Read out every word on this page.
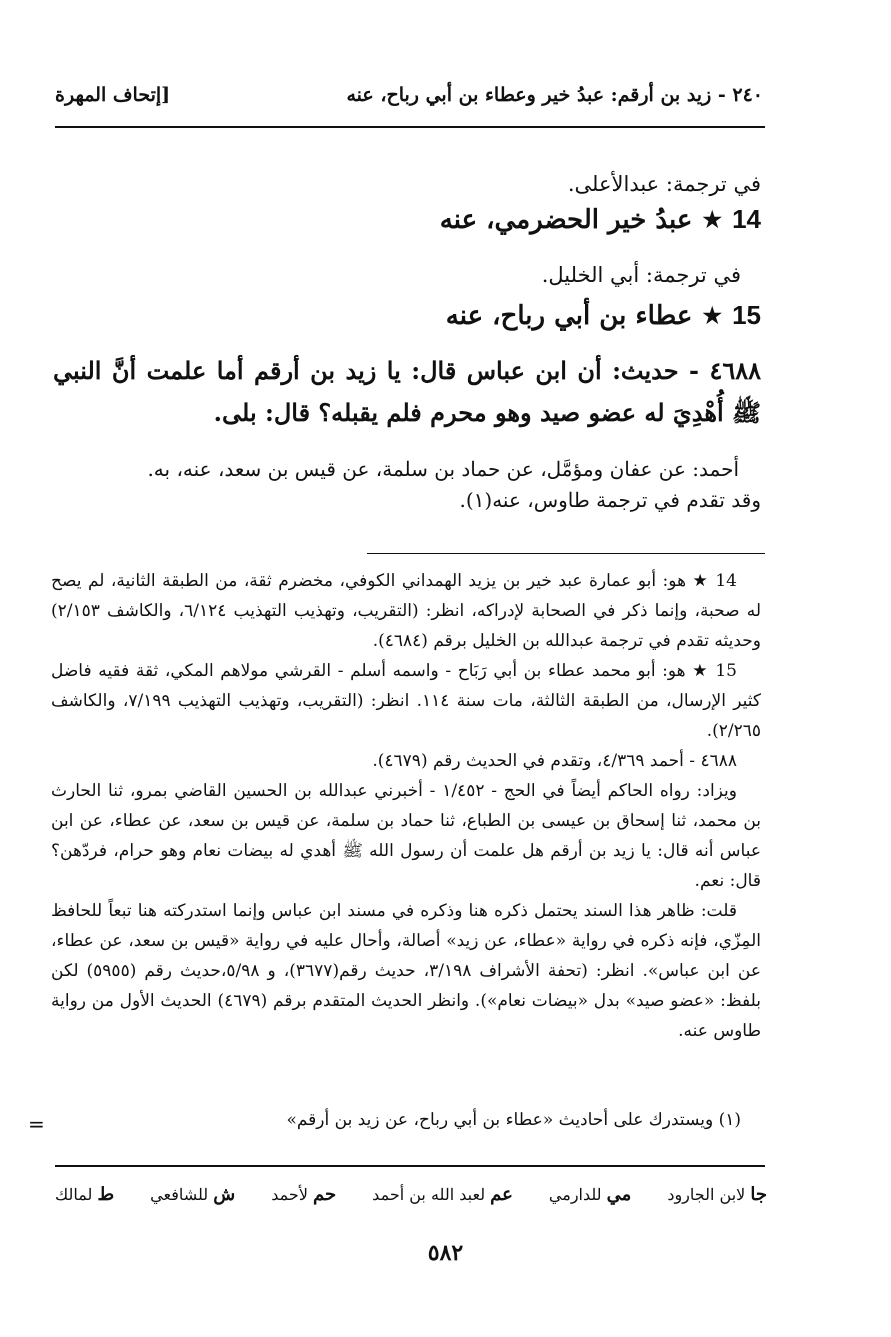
٢٤٠ - زيد بن أرقم: عبدُ خير وعطاء بن أبي رباح، عنه
[إتحاف المهرة
في ترجمة: عبدالأعلى.
14
★
عبدُ خير الحضرمي، عنه
في ترجمة: أبي الخليل.
15
★
عطاء بن أبي رباح، عنه
٤٦٨٨ - حديث: أن ابن عباس قال: يا زيد بن أرقم أما علمت أنَّ النبي ﷺ أُهْدِيَ له عضو صيد وهو محرم فلم يقبله؟ قال: بلى.
أحمد: عن عفان ومؤمَّل، عن حماد بن سلمة، عن قيس بن سعد، عنه، به.
وقد تقدم في ترجمة طاوس، عنه(١).

14 ★ هو: أبو عمارة عبد خير بن يزيد الهمداني الكوفي، مخضرم ثقة، من الطبقة الثانية، لم يصح له صحبة، وإنما ذكر في الصحابة لإدراكه، انظر: (التقريب، وتهذيب التهذيب ٦/١٢٤، والكاشف ٢/١٥٣) وحديثه تقدم في ترجمة عبدالله بن الخليل برقم (٤٦٨٤).

15 ★ هو: أبو محمد عطاء بن أبي رَبَاح - واسمه أسلم - القرشي مولاهم المكي، ثقة فقيه فاضل كثير الإرسال، من الطبقة الثالثة، مات سنة ١١٤. انظر: (التقريب، وتهذيب التهذيب ٧/١٩٩، والكاشف ٢/٢٦٥).

٤٦٨٨ - أحمد ٤/٣٦٩، وتقدم في الحديث رقم (٤٦٧٩).

ويزاد: رواه الحاكم أيضاً في الحج - ١/٤٥٢ - أخبرني عبدالله بن الحسين القاضي بمرو، ثنا الحارث بن محمد، ثنا إسحاق بن عيسى بن الطباع، ثنا حماد بن سلمة، عن قيس بن سعد، عن عطاء، عن ابن عباس أنه قال: يا زيد بن أرقم هل علمت أن رسول الله ﷺ أهدي له بيضات نعام وهو حرام، فردّهن؟ قال: نعم.

قلت: ظاهر هذا السند يحتمل ذكره هنا وذكره في مسند ابن عباس وإنما استدركته هنا تبعاً للحافظ المِزّي، فإنه ذكره في رواية «عطاء، عن زيد» أصالة، وأحال عليه في رواية «قيس بن سعد، عن عطاء، عن ابن عباس». انظر: (تحفة الأشراف ٣/١٩٨، حديث رقم(٣٦٧٧)، و ٥/٩٨،حديث رقم (٥٩٥٥) لكن بلفظ: «عضو صيد» بدل «بيضات نعام»). وانظر الحديث المتقدم برقم (٤٦٧٩) الحديث الأول من رواية طاوس عنه.

(١) ويستدرك على أحاديث «عطاء بن أبي رباح، عن زيد بن أرقم»
=
ط لمالك	ش للشافعي	حم لأحمد	عم لعبد الله بن أحمد	مي للدارمي	جا لابن الجارود
٥٨٢
